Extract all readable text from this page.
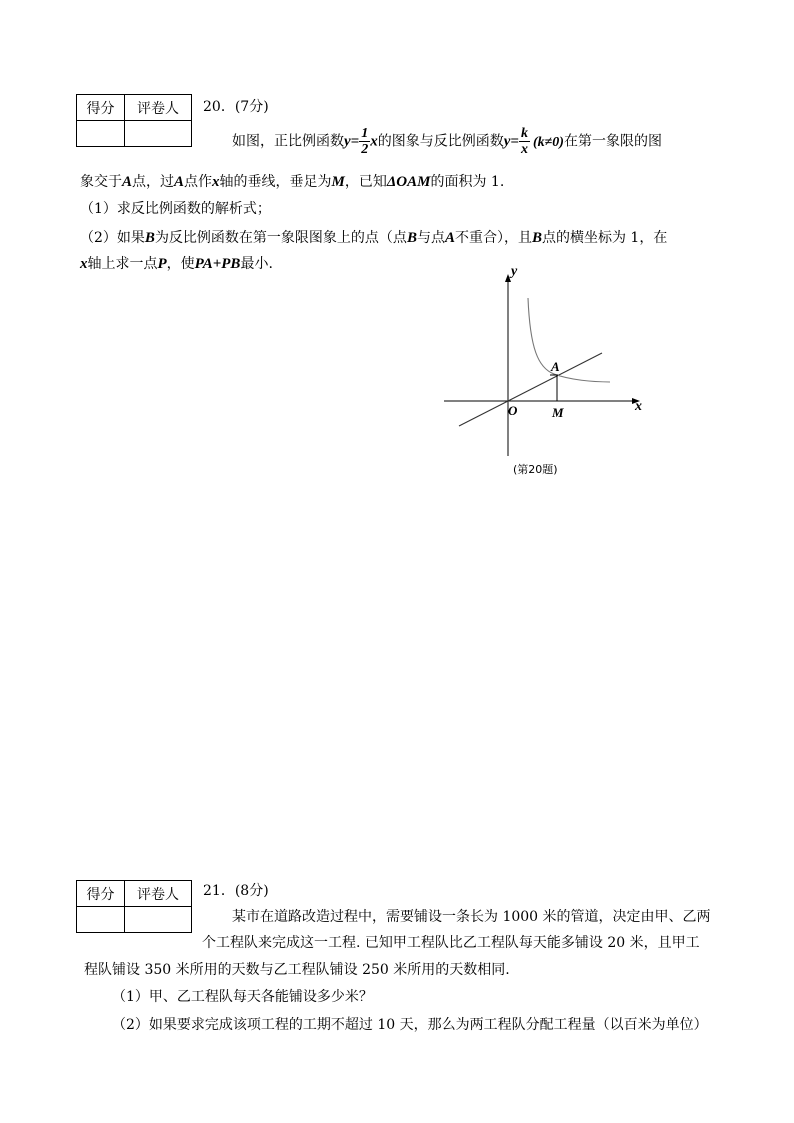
得分	评卷人
	20．(7分)
如图，正比例函数$y= \frac{1}{2}$ x的图象与反比例函数$y= \frac{k}{x} (k\ne 0)$在第一象限的图
象交于A点，过A点作x轴的垂线，垂足为M，已知ΔOAM的面积为 1.
（1）求反比例函数的解析式；
（2）如果B为反比例函数在第一象限图象上的点（点B与点A不重合），且B点的横坐标为 1，在
x轴上求一点P，使PA+PB最小.	y
x
O
A
M
(第20题)
得分	评卷人
	21．(8分)
某市在道路改造过程中，需要铺设一条长为 1000 米的管道，决定由甲、乙两
个工程队来完成这一工程. 已知甲工程队比乙工程队每天能多铺设 20 米，且甲工
程队铺设 350 米所用的天数与乙工程队铺设 250 米所用的天数相同.
（1）甲、乙工程队每天各能铺设多少米？
（2）如果要求完成该项工程的工期不超过 10 天，那么为两工程队分配工程量（以百米为单位）
